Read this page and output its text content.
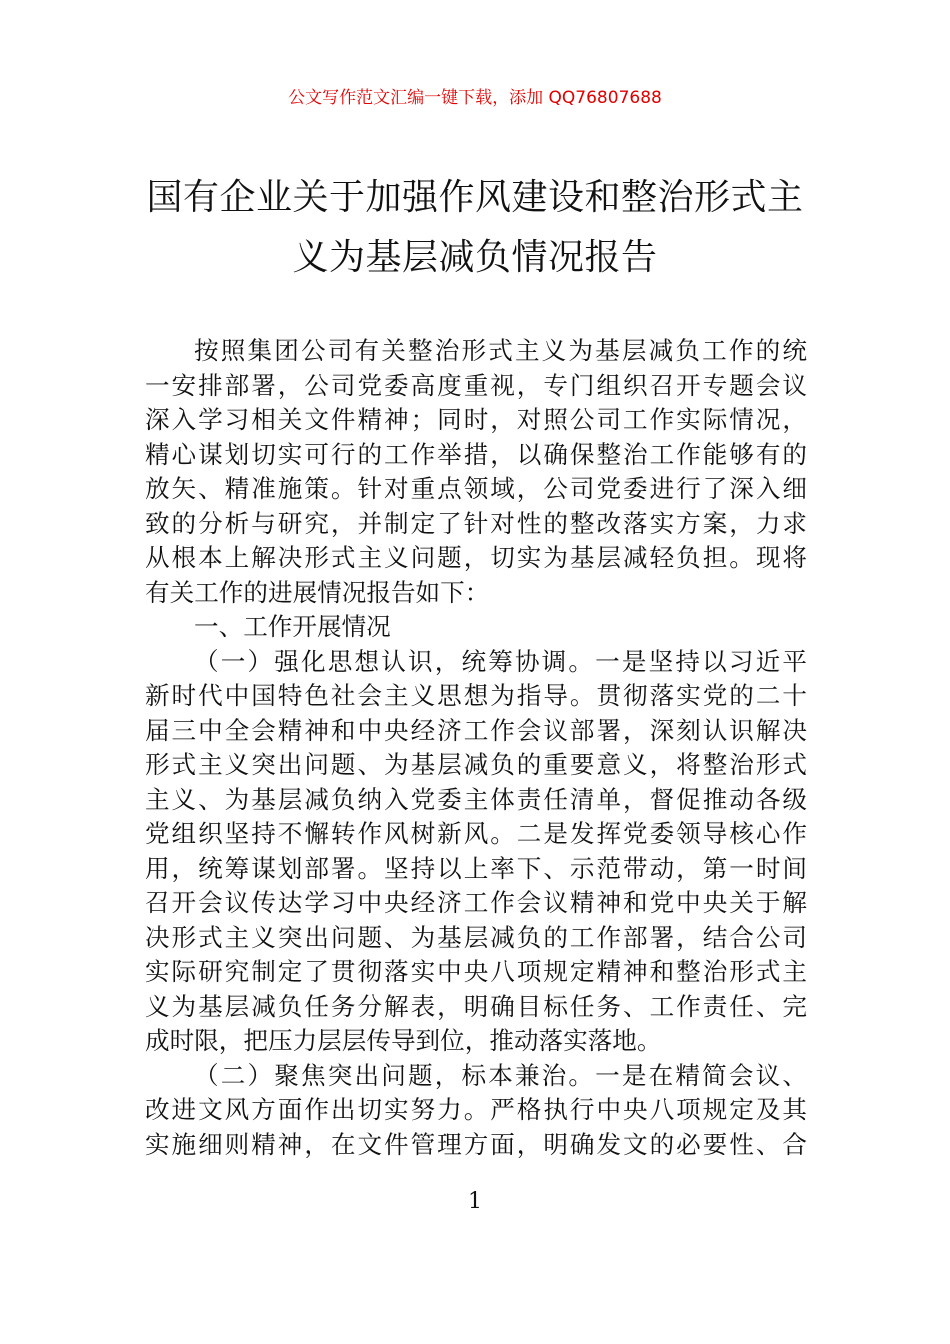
公文写作范文汇编一键下载，添加 QQ76807688
国有企业关于加强作风建设和整治形式主
义为基层减负情况报告
按照集团公司有关整治形式主义为基层减负工作的统
一安排部署，公司党委高度重视，专门组织召开专题会议
深入学习相关文件精神；同时，对照公司工作实际情况，
精心谋划切实可行的工作举措，以确保整治工作能够有的
放矢、精准施策。针对重点领域，公司党委进行了深入细
致的分析与研究，并制定了针对性的整改落实方案，力求
从根本上解决形式主义问题，切实为基层减轻负担。现将
有关工作的进展情况报告如下：
一、工作开展情况
（一）强化思想认识，统筹协调。一是坚持以习近平
新时代中国特色社会主义思想为指导。贯彻落实党的二十
届三中全会精神和中央经济工作会议部署，深刻认识解决
形式主义突出问题、为基层减负的重要意义，将整治形式
主义、为基层减负纳入党委主体责任清单，督促推动各级
党组织坚持不懈转作风树新风。二是发挥党委领导核心作
用，统筹谋划部署。坚持以上率下、示范带动，第一时间
召开会议传达学习中央经济工作会议精神和党中央关于解
决形式主义突出问题、为基层减负的工作部署，结合公司
实际研究制定了贯彻落实中央八项规定精神和整治形式主
义为基层减负任务分解表，明确目标任务、工作责任、完
成时限，把压力层层传导到位，推动落实落地。
（二）聚焦突出问题，标本兼治。一是在精简会议、
改进文风方面作出切实努力。严格执行中央八项规定及其
实施细则精神，在文件管理方面，明确发文的必要性、合
1
